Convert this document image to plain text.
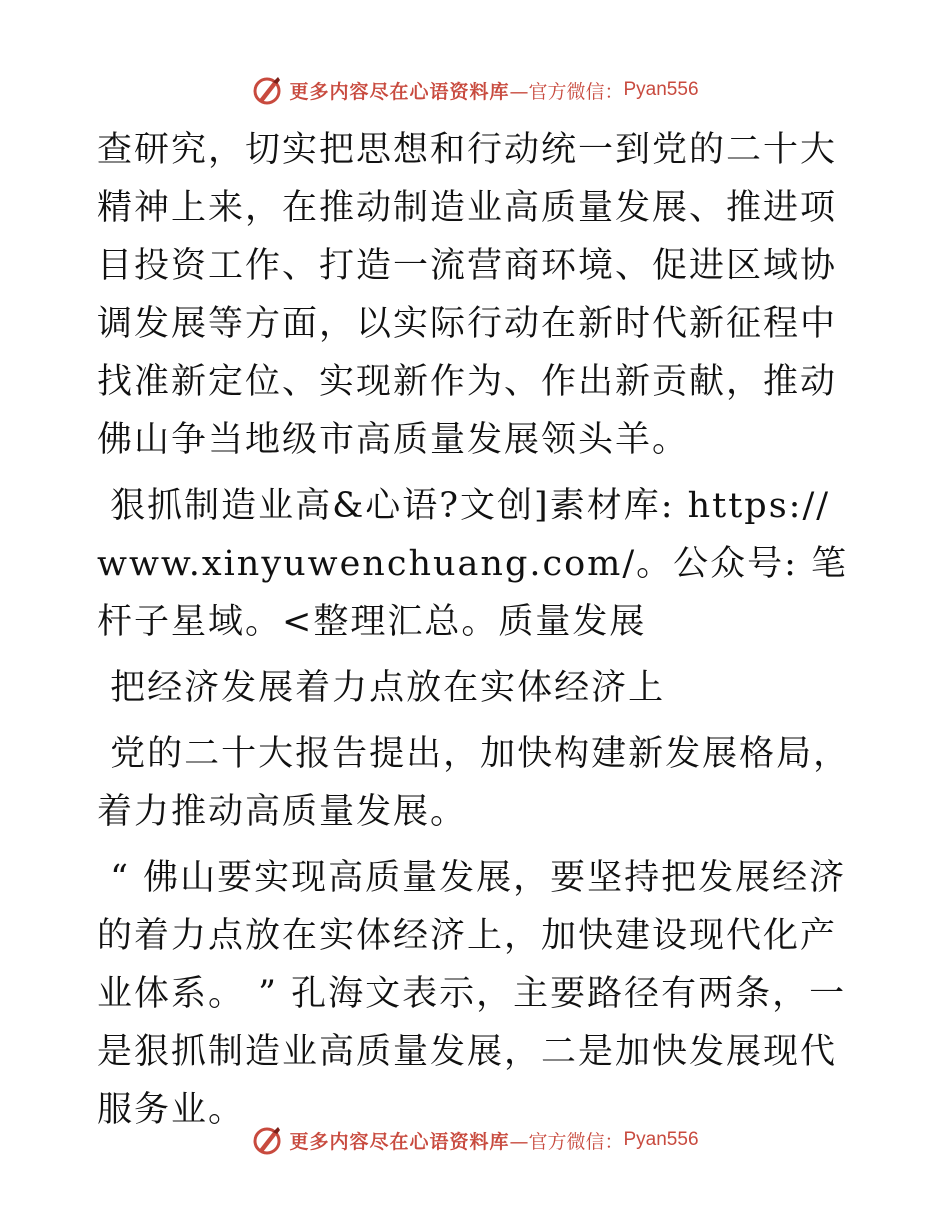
更多内容尽在心语资料库 —官方微信： Pyan556

查研究，切实把思想和行动统一到党的二十大精神上来，在推动制造业高质量发展、推进项目投资工作、打造一流营商环境、促进区域协调发展等方面，以实际行动在新时代新征程中找准新定位、实现新作为、作出新贡献，推动佛山争当地级市高质量发展领头羊。

狠抓制造业高&心语?文创]素材库: https://www.xinyuwenchuang.com/。公众号: 笔杆子星域。<整理汇总。质量发展

把经济发展着力点放在实体经济上

党的二十大报告提出，加快构建新发展格局，着力推动高质量发展。

“ 佛山要实现高质量发展，要坚持把发展经济的着力点放在实体经济上，加快建设现代化产业体系。 ” 孔海文表示，主要路径有两条，一是狠抓制造业高质量发展，二是加快发展现代服务业。

更多内容尽在心语资料库 —官方微信： Pyan556
